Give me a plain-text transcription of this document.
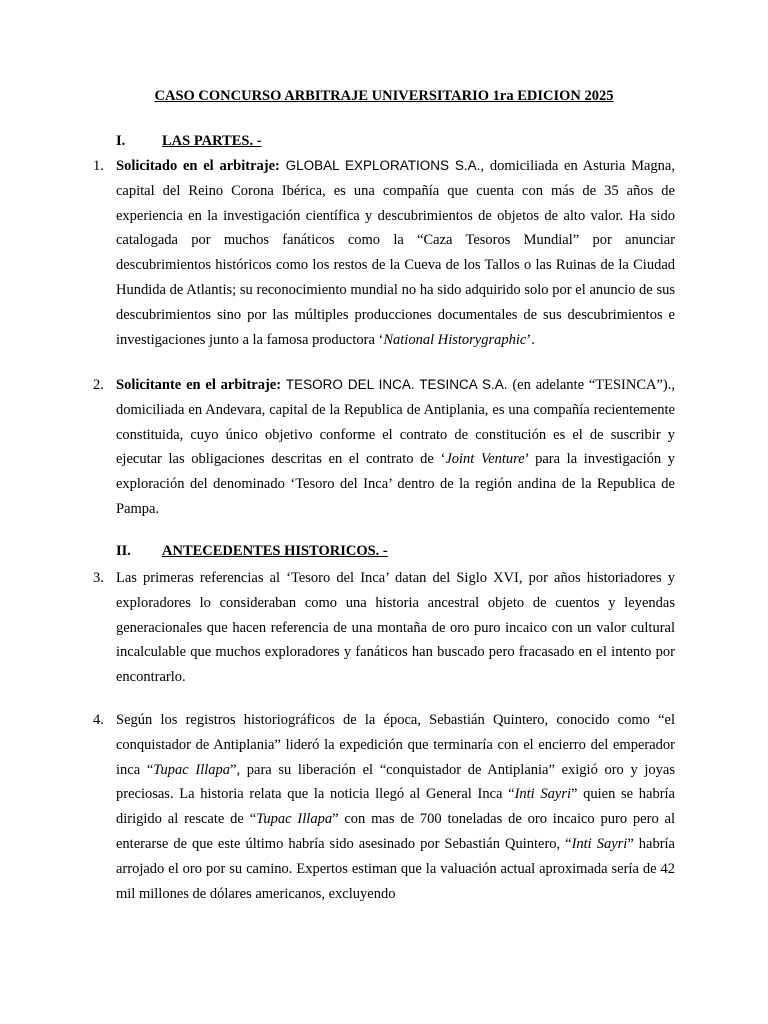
CASO CONCURSO ARBITRAJE UNIVERSITARIO 1ra EDICION 2025
I.	LAS PARTES. -
1. Solicitado en el arbitraje: GLOBAL EXPLORATIONS S.A., domiciliada en Asturia Magna, capital del Reino Corona Ibérica, es una compañía que cuenta con más de 35 años de experiencia en la investigación científica y descubrimientos de objetos de alto valor. Ha sido catalogada por muchos fanáticos como la “Caza Tesoros Mundial” por anunciar descubrimientos históricos como los restos de la Cueva de los Tallos o las Ruinas de la Ciudad Hundida de Atlantis; su reconocimiento mundial no ha sido adquirido solo por el anuncio de sus descubrimientos sino por las múltiples producciones documentales de sus descubrimientos e investigaciones junto a la famosa productora ‘National Historygraphic’.
2. Solicitante en el arbitraje: TESORO DEL INCA. TESINCA S.A. (en adelante “TESINCA”)., domiciliada en Andevara, capital de la Republica de Antiplania, es una compañía recientemente constituida, cuyo único objetivo conforme el contrato de constitución es el de suscribir y ejecutar las obligaciones descritas en el contrato de ‘Joint Venture’ para la investigación y exploración del denominado ‘Tesoro del Inca’ dentro de la región andina de la Republica de Pampa.
II. ANTECEDENTES HISTORICOS. -
3. Las primeras referencias al ‘Tesoro del Inca’ datan del Siglo XVI, por años historiadores y exploradores lo consideraban como una historia ancestral objeto de cuentos y leyendas generacionales que hacen referencia de una montaña de oro puro incaico con un valor cultural incalculable que muchos exploradores y fanáticos han buscado pero fracasado en el intento por encontrarlo.
4. Según los registros historiográficos de la época, Sebastián Quintero, conocido como “el conquistador de Antiplania” lideró la expedición que terminaría con el encierro del emperador inca “Tupac Illapa”, para su liberación el “conquistador de Antiplania” exigió oro y joyas preciosas. La historia relata que la noticia llegó al General Inca “Inti Sayri” quien se habría dirigido al rescate de “Tupac Illapa” con mas de 700 toneladas de oro incaico puro pero al enterarse de que este último habría sido asesinado por Sebastián Quintero, “Inti Sayri” habría arrojado el oro por su camino. Expertos estiman que la valuación actual aproximada sería de 42 mil millones de dólares americanos, excluyendo
